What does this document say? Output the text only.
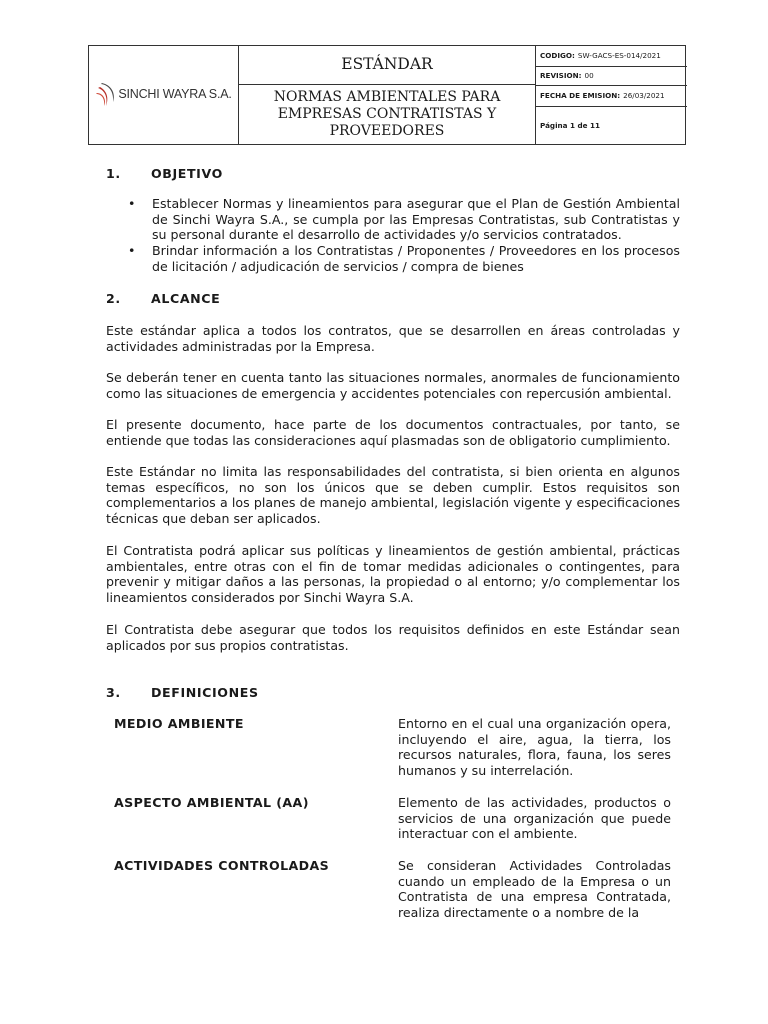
SINCHI WAYRA S.A.
ESTÁNDAR
NORMAS AMBIENTALES PARA
EMPRESAS CONTRATISTAS Y
PROVEEDORES
CODIGO: SW-GACS-ES-014/2021
REVISION: 00
FECHA DE EMISION: 26/03/2021
Página 1 de 11
1. OBJETIVO
• Establecer Normas y lineamientos para asegurar que el Plan de Gestión Ambiental de Sinchi Wayra S.A., se cumpla por las Empresas Contratistas, sub Contratistas y su personal durante el desarrollo de actividades y/o servicios contratados.
• Brindar información a los Contratistas / Proponentes / Proveedores en los procesos de licitación / adjudicación de servicios / compra de bienes
2. ALCANCE

Este estándar aplica a todos los contratos, que se desarrollen en áreas controladas y actividades administradas por la Empresa.

Se deberán tener en cuenta tanto las situaciones normales, anormales de funcionamiento como las situaciones de emergencia y accidentes potenciales con repercusión ambiental.

El presente documento, hace parte de los documentos contractuales, por tanto, se entiende que todas las consideraciones aquí plasmadas son de obligatorio cumplimiento.

Este Estándar no limita las responsabilidades del contratista, si bien orienta en algunos temas específicos, no son los únicos que se deben cumplir. Estos requisitos son complementarios a los planes de manejo ambiental, legislación vigente y especificaciones técnicas que deban ser aplicados.

El Contratista podrá aplicar sus políticas y lineamientos de gestión ambiental, prácticas ambientales, entre otras con el fin de tomar medidas adicionales o contingentes, para prevenir y mitigar daños a las personas, la propiedad o al entorno; y/o complementar los lineamientos considerados por Sinchi Wayra S.A.

El Contratista debe asegurar que todos los requisitos definidos en este Estándar sean aplicados por sus propios contratistas.

3. DEFINICIONES
MEDIO AMBIENTE	Entorno en el cual una organización opera, incluyendo el aire, agua, la tierra, los recursos naturales, flora, fauna, los seres humanos y su interrelación.

ASPECTO AMBIENTAL (AA)	Elemento de las actividades, productos o servicios de una organización que puede interactuar con el ambiente.

ACTIVIDADES CONTROLADAS	Se consideran Actividades Controladas cuando un empleado de la Empresa o un Contratista de una empresa Contratada, realiza directamente o a nombre de la
